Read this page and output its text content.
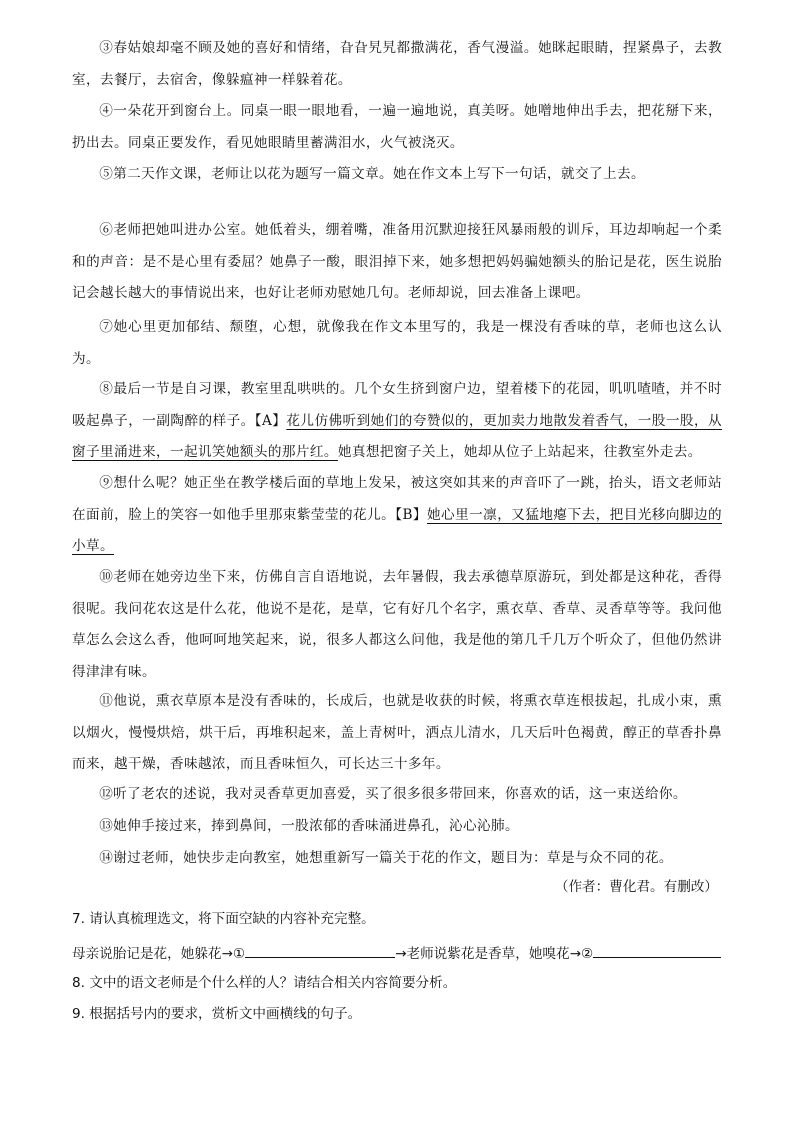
③春姑娘却毫不顾及她的喜好和情绪，旮旮旯旯都撒满花，香气漫溢。她眯起眼睛，捏紧鼻子，去教室，去餐厅，去宿舍，像躲瘟神一样躲着花。

④一朵花开到窗台上。同桌一眼一眼地看，一遍一遍地说，真美呀。她噌地伸出手去，把花掰下来，扔出去。同桌正要发作，看见她眼睛里蓄满泪水，火气被浇灭。

⑤第二天作文课，老师让以花为题写一篇文章。她在作文本上写下一句话，就交了上去。

⑥老师把她叫进办公室。她低着头，绷着嘴，准备用沉默迎接狂风暴雨般的训斥，耳边却响起一个柔和的声音：是不是心里有委屈？她鼻子一酸，眼泪掉下来，她多想把妈妈骗她额头的胎记是花，医生说胎记会越长越大的事情说出来，也好让老师劝慰她几句。老师却说，回去准备上课吧。

⑦她心里更加郁结、颓堕，心想，就像我在作文本里写的，我是一棵没有香味的草，老师也这么认为。

⑧最后一节是自习课，教室里乱哄哄的。几个女生挤到窗户边，望着楼下的花园，叽叽喳喳，并不时吸起鼻子，一副陶醉的样子。【A】花儿仿佛听到她们的夸赞似的，更加卖力地散发着香气，一股一股，从窗子里涌进来，一起讥笑她额头的那片红。她真想把窗子关上，她却从位子上站起来，往教室外走去。

⑨想什么呢？她正坐在教学楼后面的草地上发呆，被这突如其来的声音吓了一跳，抬头，语文老师站在面前，脸上的笑容一如他手里那束紫莹莹的花儿。【B】她心里一凛，又猛地瘪下去，把目光移向脚边的小草。

⑩老师在她旁边坐下来，仿佛自言自语地说，去年暑假，我去承德草原游玩，到处都是这种花，香得很呢。我问花农这是什么花，他说不是花，是草，它有好几个名字，熏衣草、香草、灵香草等等。我问他草怎么会这么香，他呵呵地笑起来，说，很多人都这么问他，我是他的第几千几万个听众了，但他仍然讲得津津有味。

⑪他说，熏衣草原本是没有香味的，长成后，也就是收获的时候，将熏衣草连根拔起，扎成小束，熏以烟火，慢慢烘焙，烘干后，再堆积起来，盖上青树叶，洒点儿清水，几天后叶色褐黄，醇正的草香扑鼻而来，越干燥，香味越浓，而且香味恒久，可长达三十多年。

⑫听了老农的述说，我对灵香草更加喜爱，买了很多很多带回来，你喜欢的话，这一束送给你。

⑬她伸手接过来，捧到鼻间，一股浓郁的香味涌进鼻孔，沁心沁肺。

⑭谢过老师，她快步走向教室，她想重新写一篇关于花的作文，题目为：草是与众不同的花。

（作者：曹化君。有删改）

7. 请认真梳理选文，将下面空缺的内容补充完整。

母亲说胎记是花，她躲花→①	→老师说紫花是香草，她嗅花→②

8. 文中的语文老师是个什么样的人？请结合相关内容简要分析。

9. 根据括号内的要求，赏析文中画横线的句子。
